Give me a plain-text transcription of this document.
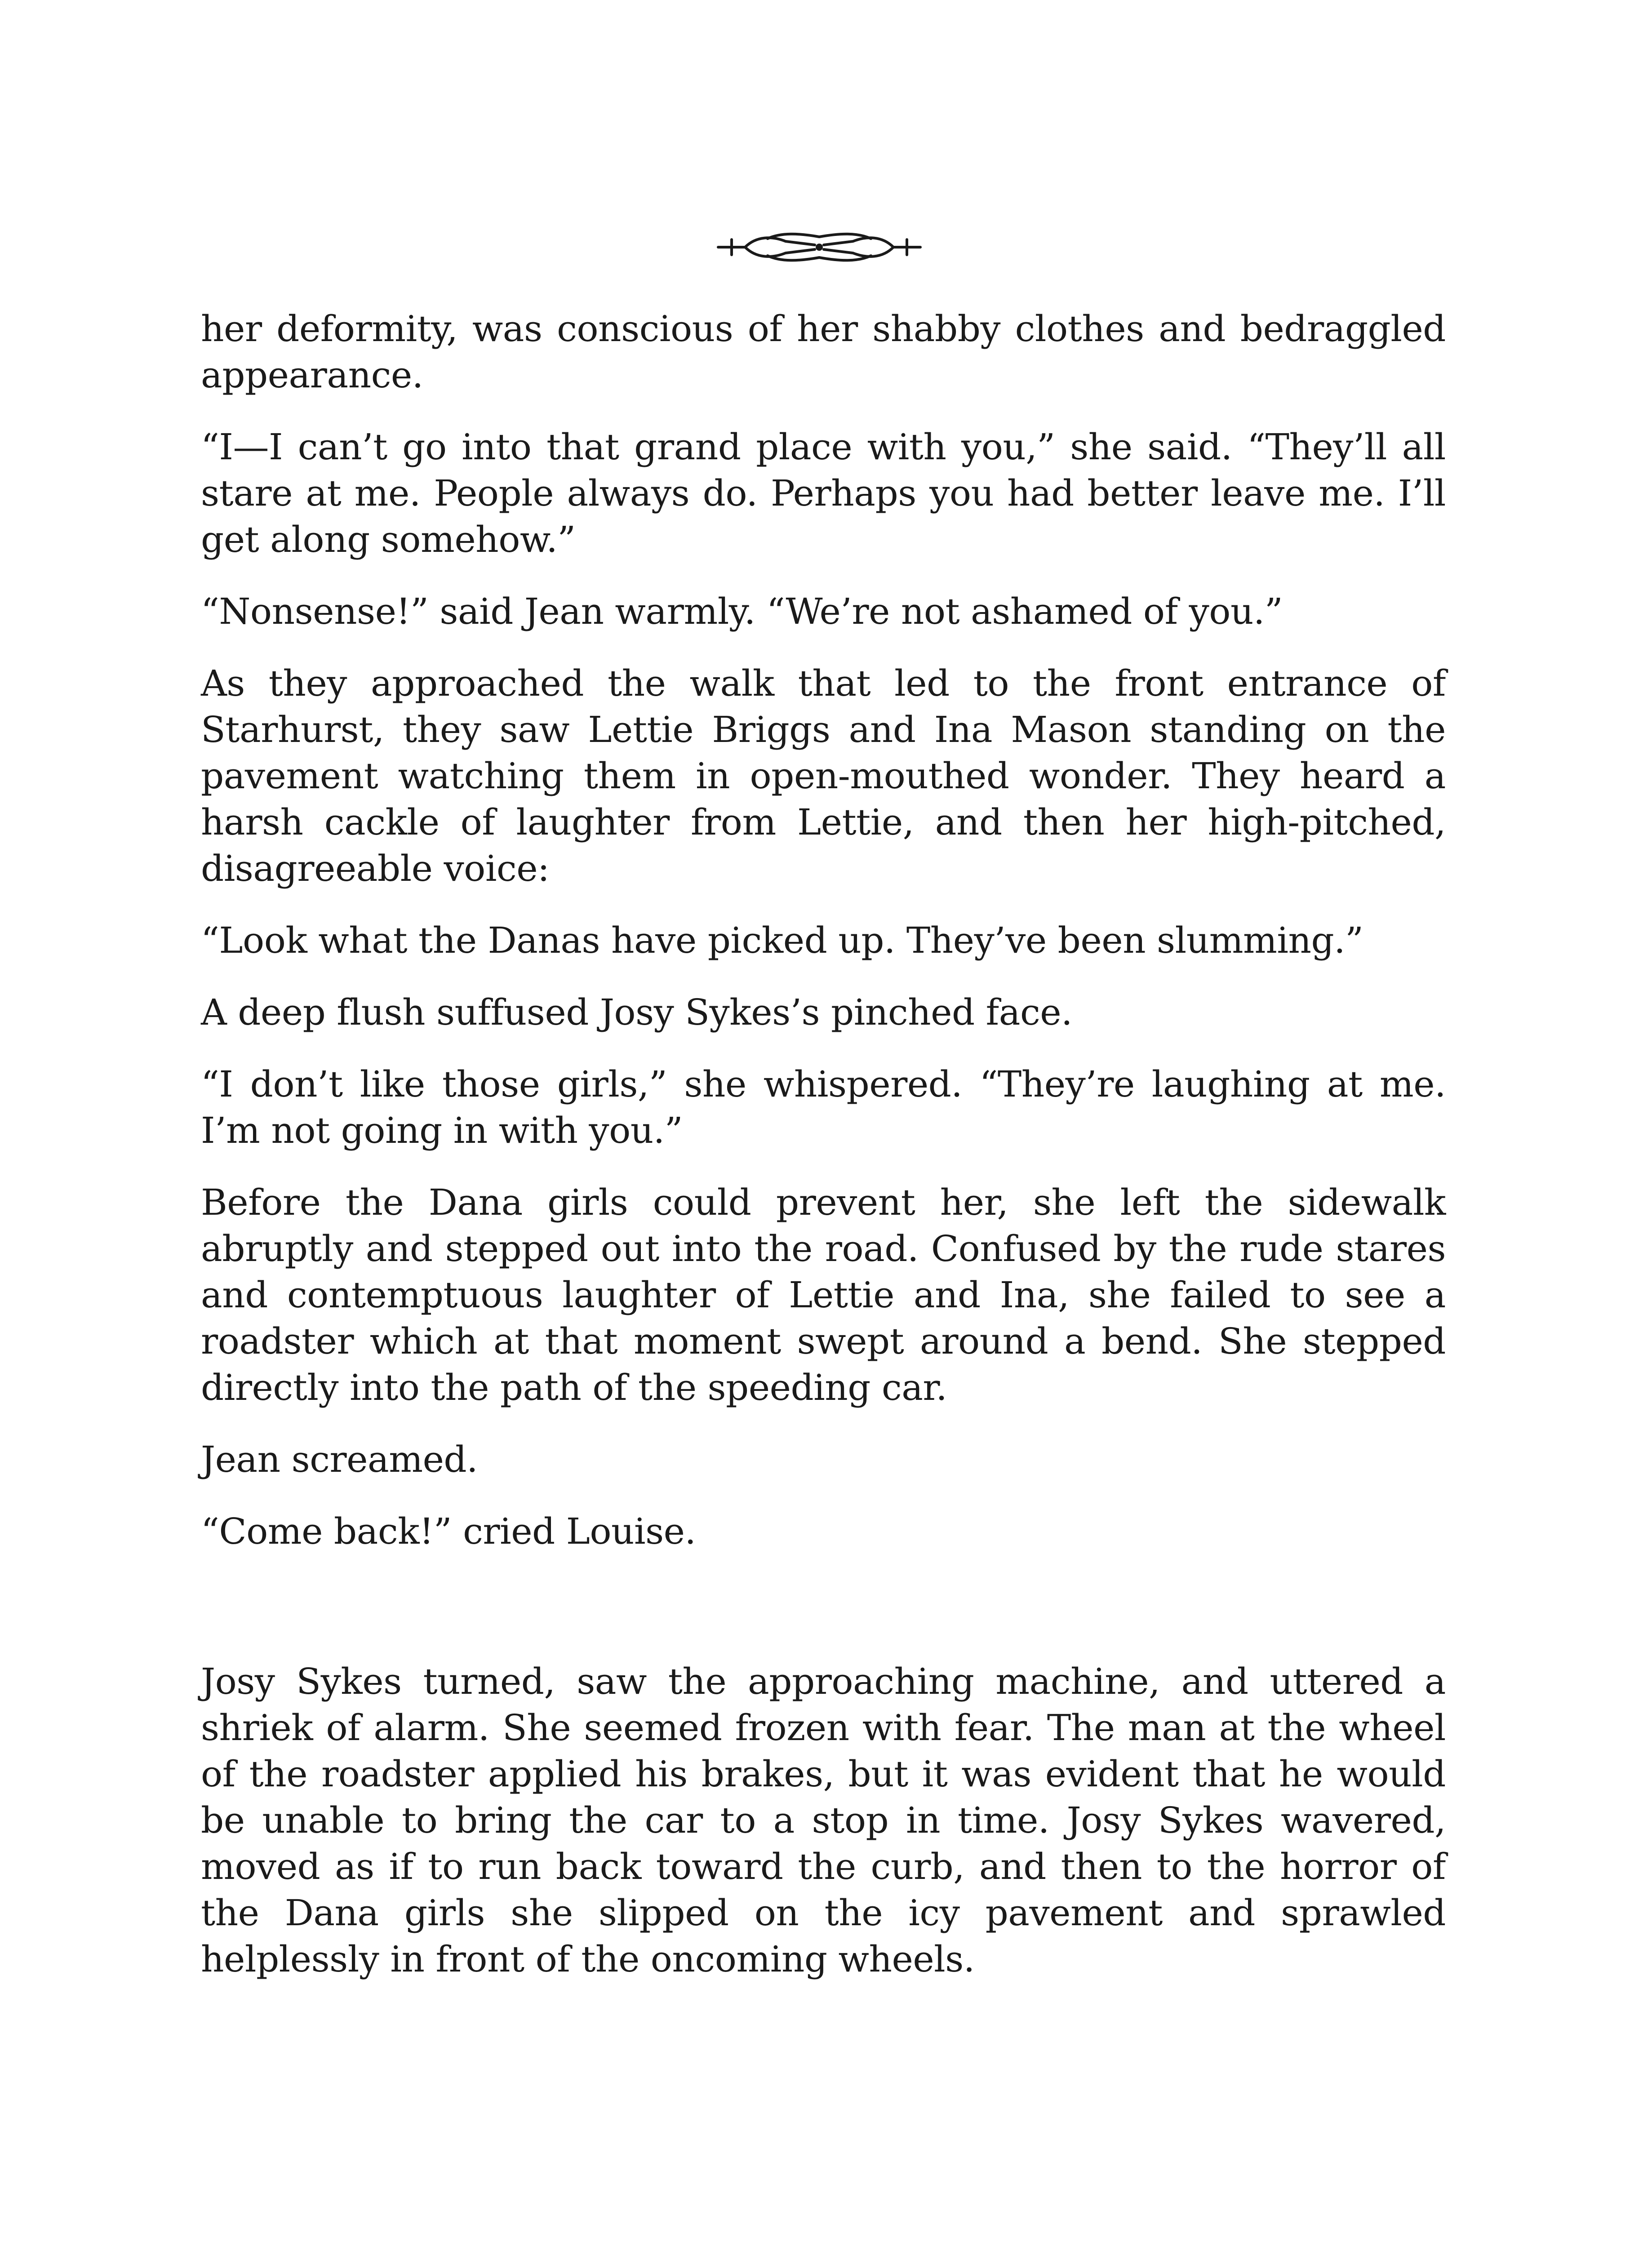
her deformity, was conscious of her shabby clothes and bedraggled appearance.

“I—I can’t go into that grand place with you,” she said. “They’ll all stare at me. People always do. Perhaps you had better leave me. I’ll get along somehow.”

“Nonsense!” said Jean warmly. “We’re not ashamed of you.”

As they approached the walk that led to the front entrance of Starhurst, they saw Lettie Briggs and Ina Mason standing on the pavement watching them in open-mouthed wonder. They heard a harsh cackle of laughter from Lettie, and then her high-pitched, disagreeable voice:

“Look what the Danas have picked up. They’ve been slumming.”

A deep flush suffused Josy Sykes’s pinched face.

“I don’t like those girls,” she whispered. “They’re laughing at me. I’m not going in with you.”

Before the Dana girls could prevent her, she left the sidewalk abruptly and stepped out into the road. Confused by the rude stares and contemptuous laughter of Lettie and Ina, she failed to see a roadster which at that moment swept around a bend. She stepped directly into the path of the speeding car.

Jean screamed.

“Come back!” cried Louise.

Josy Sykes turned, saw the approaching machine, and uttered a shriek of alarm. She seemed frozen with fear. The man at the wheel of the roadster applied his brakes, but it was evident that he would be unable to bring the car to a stop in time. Josy Sykes wavered, moved as if to run back toward the curb, and then to the horror of the Dana girls she slipped on the icy pavement and sprawled helplessly in front of the oncoming wheels.
